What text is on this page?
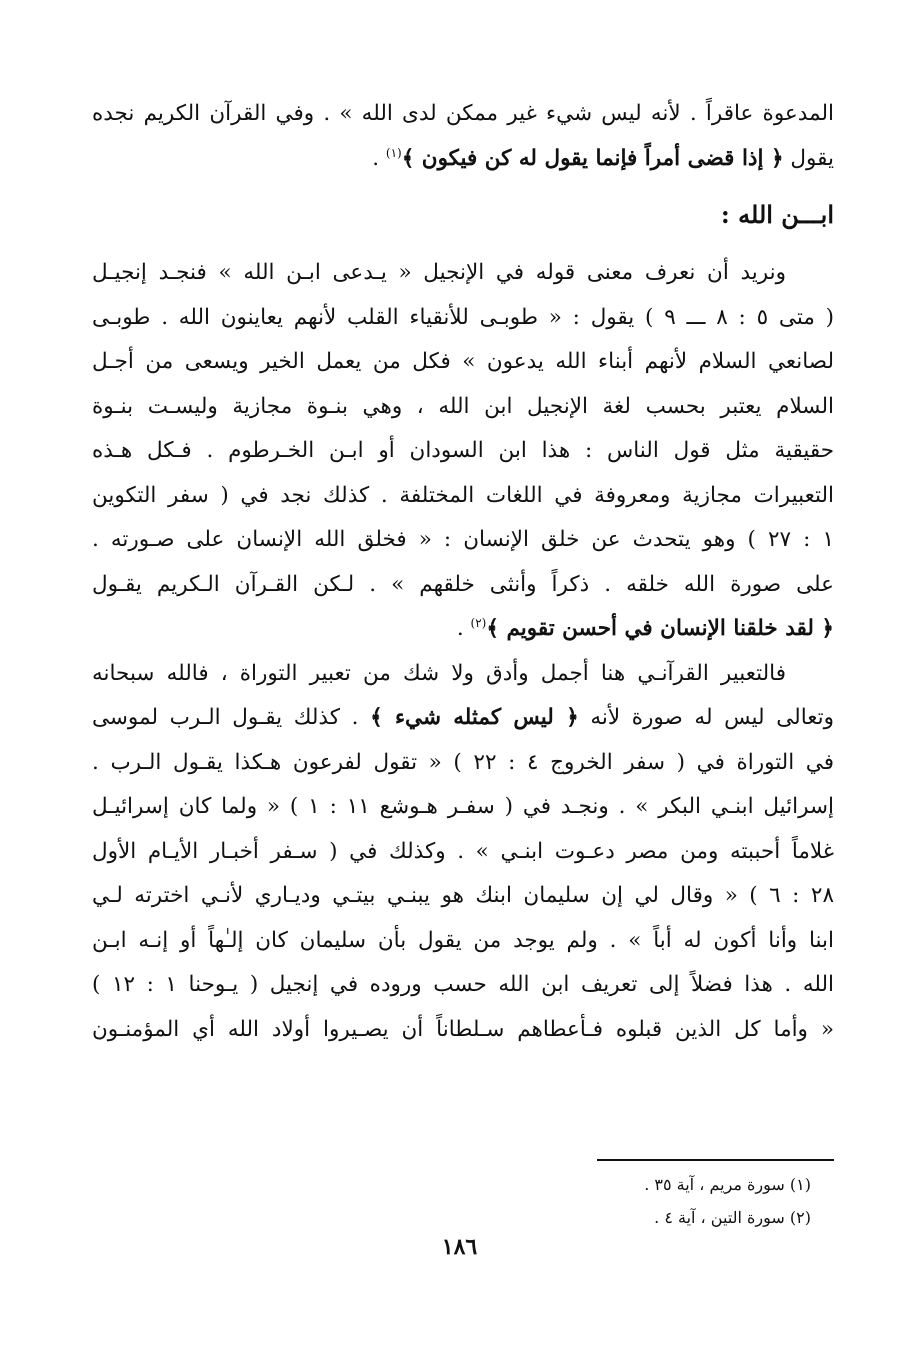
المدعوة عاقراً . لأنه ليس شيء غير ممكن لدى الله » . وفي القرآن الكريم نجده
يقول ﴿ إذا قضى أمراً فإنما يقول له كن فيكون ﴾$^{(١)}$ .
ابـــن الله :
ونريد أن نعرف معنى قوله في الإنجيل « يـدعى ابـن الله » فنجـد إنجيـل
( متى ٥ : ٨ ـــ ٩ ) يقول : « طوبـى للأنقياء القلب لأنهم يعاينون الله . طوبـى
لصانعي السلام لأنهم أبناء الله يدعون » فكل من يعمل الخير ويسعى من أجـل
السلام يعتبر بحسب لغة الإنجيل ابن الله ، وهي بنـوة مجازية وليسـت بنـوة
حقيقية مثل قول الناس : هذا ابن السودان أو ابـن الخـرطوم . فـكل هـذه
التعبيرات مجازية ومعروفة في اللغات المختلفة . كذلك نجد في ( سفر التكوين
١ : ٢٧ ) وهو يتحدث عن خلق الإنسان : « فخلق الله الإنسان على صـورته .
على صورة الله خلقه . ذكراً وأنثى خلقهم » . لـكن القـرآن الـكريم يقـول
﴿ لقد خلقنا الإنسان في أحسن تقويم ﴾$^{(٢)}$ .
فالتعبير القرآنـي هنا أجمل وأدق ولا شك من تعبير التوراة ، فالله سبحانه
وتعالى ليس له صورة لأنه ﴿ ليس كمثله شيء ﴾ . كذلك يقـول الـرب لموسى
في التوراة في ( سفر الخروج ٤ : ٢٢ ) « تقول لفرعون هـكذا يقـول الـرب .
إسرائيل ابنـي البكر » . ونجـد في ( سفـر هـوشع ١١ : ١ ) « ولما كان إسرائيـل
غلاماً أحببته ومن مصر دعـوت ابنـي » . وكذلك في ( سـفر أخبـار الأيـام الأول
٢٨ : ٦ ) « وقال لي إن سليمان ابنك هو يبنـي بيتـي وديـاري لأنـي اخترته لـي
ابنا وأنا أكون له أباً » . ولم يوجد من يقول بأن سليمان كان إلـٰهاً أو إنـه ابـن
الله . هذا فضلاً إلى تعريف ابن الله حسب وروده في إنجيل ( يـوحنا ١ : ١٢ )
« وأما كل الذين قبلوه فـأعطاهم سـلطاناً أن يصـيروا أولاد الله أي المؤمنـون
(١) سورة مريم ، آية ٣٥ .
(٢) سورة التين ، آية ٤ .
١٨٦
